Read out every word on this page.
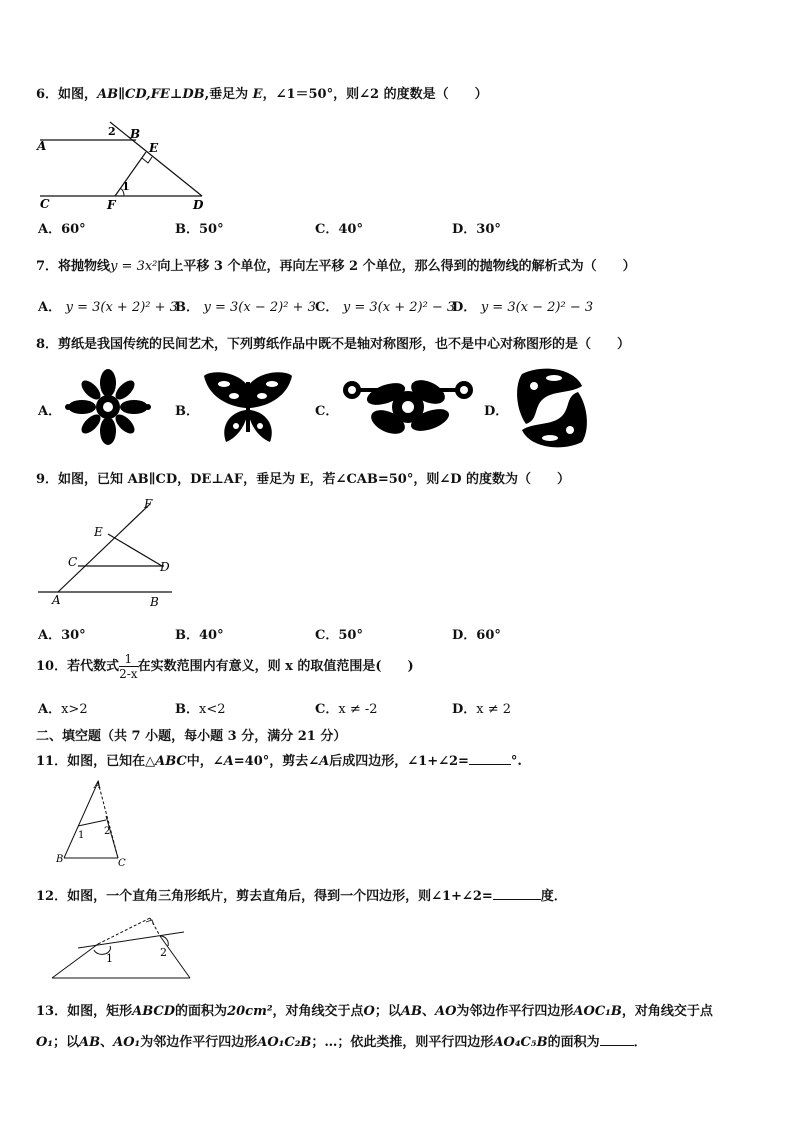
6．如图，AB∥CD,FE⊥DB,垂足为 E，∠1＝50°，则∠2 的度数是（　　）
A
B
E
C	F	D
1
2
A．60°	B．50°	C．40°	D．30°
7．将抛物线y = 3x²向上平移 3 个单位，再向左平移 2 个单位，那么得到的抛物线的解析式为（　　）
A． y = 3(x + 2)² + 3
B． y = 3(x − 2)² + 3 C． y = 3(x + 2)² − 3
D． y = 3(x − 2)² − 3
8．剪纸是我国传统的民间艺术，下列剪纸作品中既不是轴对称图形，也不是中心对称图形的是（　　）
A．	B．	C．	D．
9．如图，已知 AB∥CD，DE⊥AF，垂足为 E，若∠CAB=50°，则∠D 的度数为（　　）
F
E
C	D
A	B
A．30°	B．40°	C．50°	D．60°
10．若代数式 $\frac{1}{2-x}$ 在实数范围内有意义，则 x 的取值范围是(　　)
A．x>2	B．x<2	C．x ≠ -2	D．x ≠ 2
二、填空题（共 7 小题，每小题 3 分，满分 21 分）
11．如图，已知在△ABC中，∠A=40°，剪去∠A后成四边形，∠1+∠2=	°.
A
B	C
1 2
12．如图，一个直角三角形纸片，剪去直角后，得到一个四边形，则∠1+∠2=	度．
1	2
13．如图，矩形ABCD的面积为20cm²，对角线交于点O；以AB、AO为邻边作平行四边形AOC₁B，对角线交于点
O₁；以AB、AO₁为邻边作平行四边形AO₁C₂B；…；依此类推，则平行四边形AO₄C₅B的面积为	．
